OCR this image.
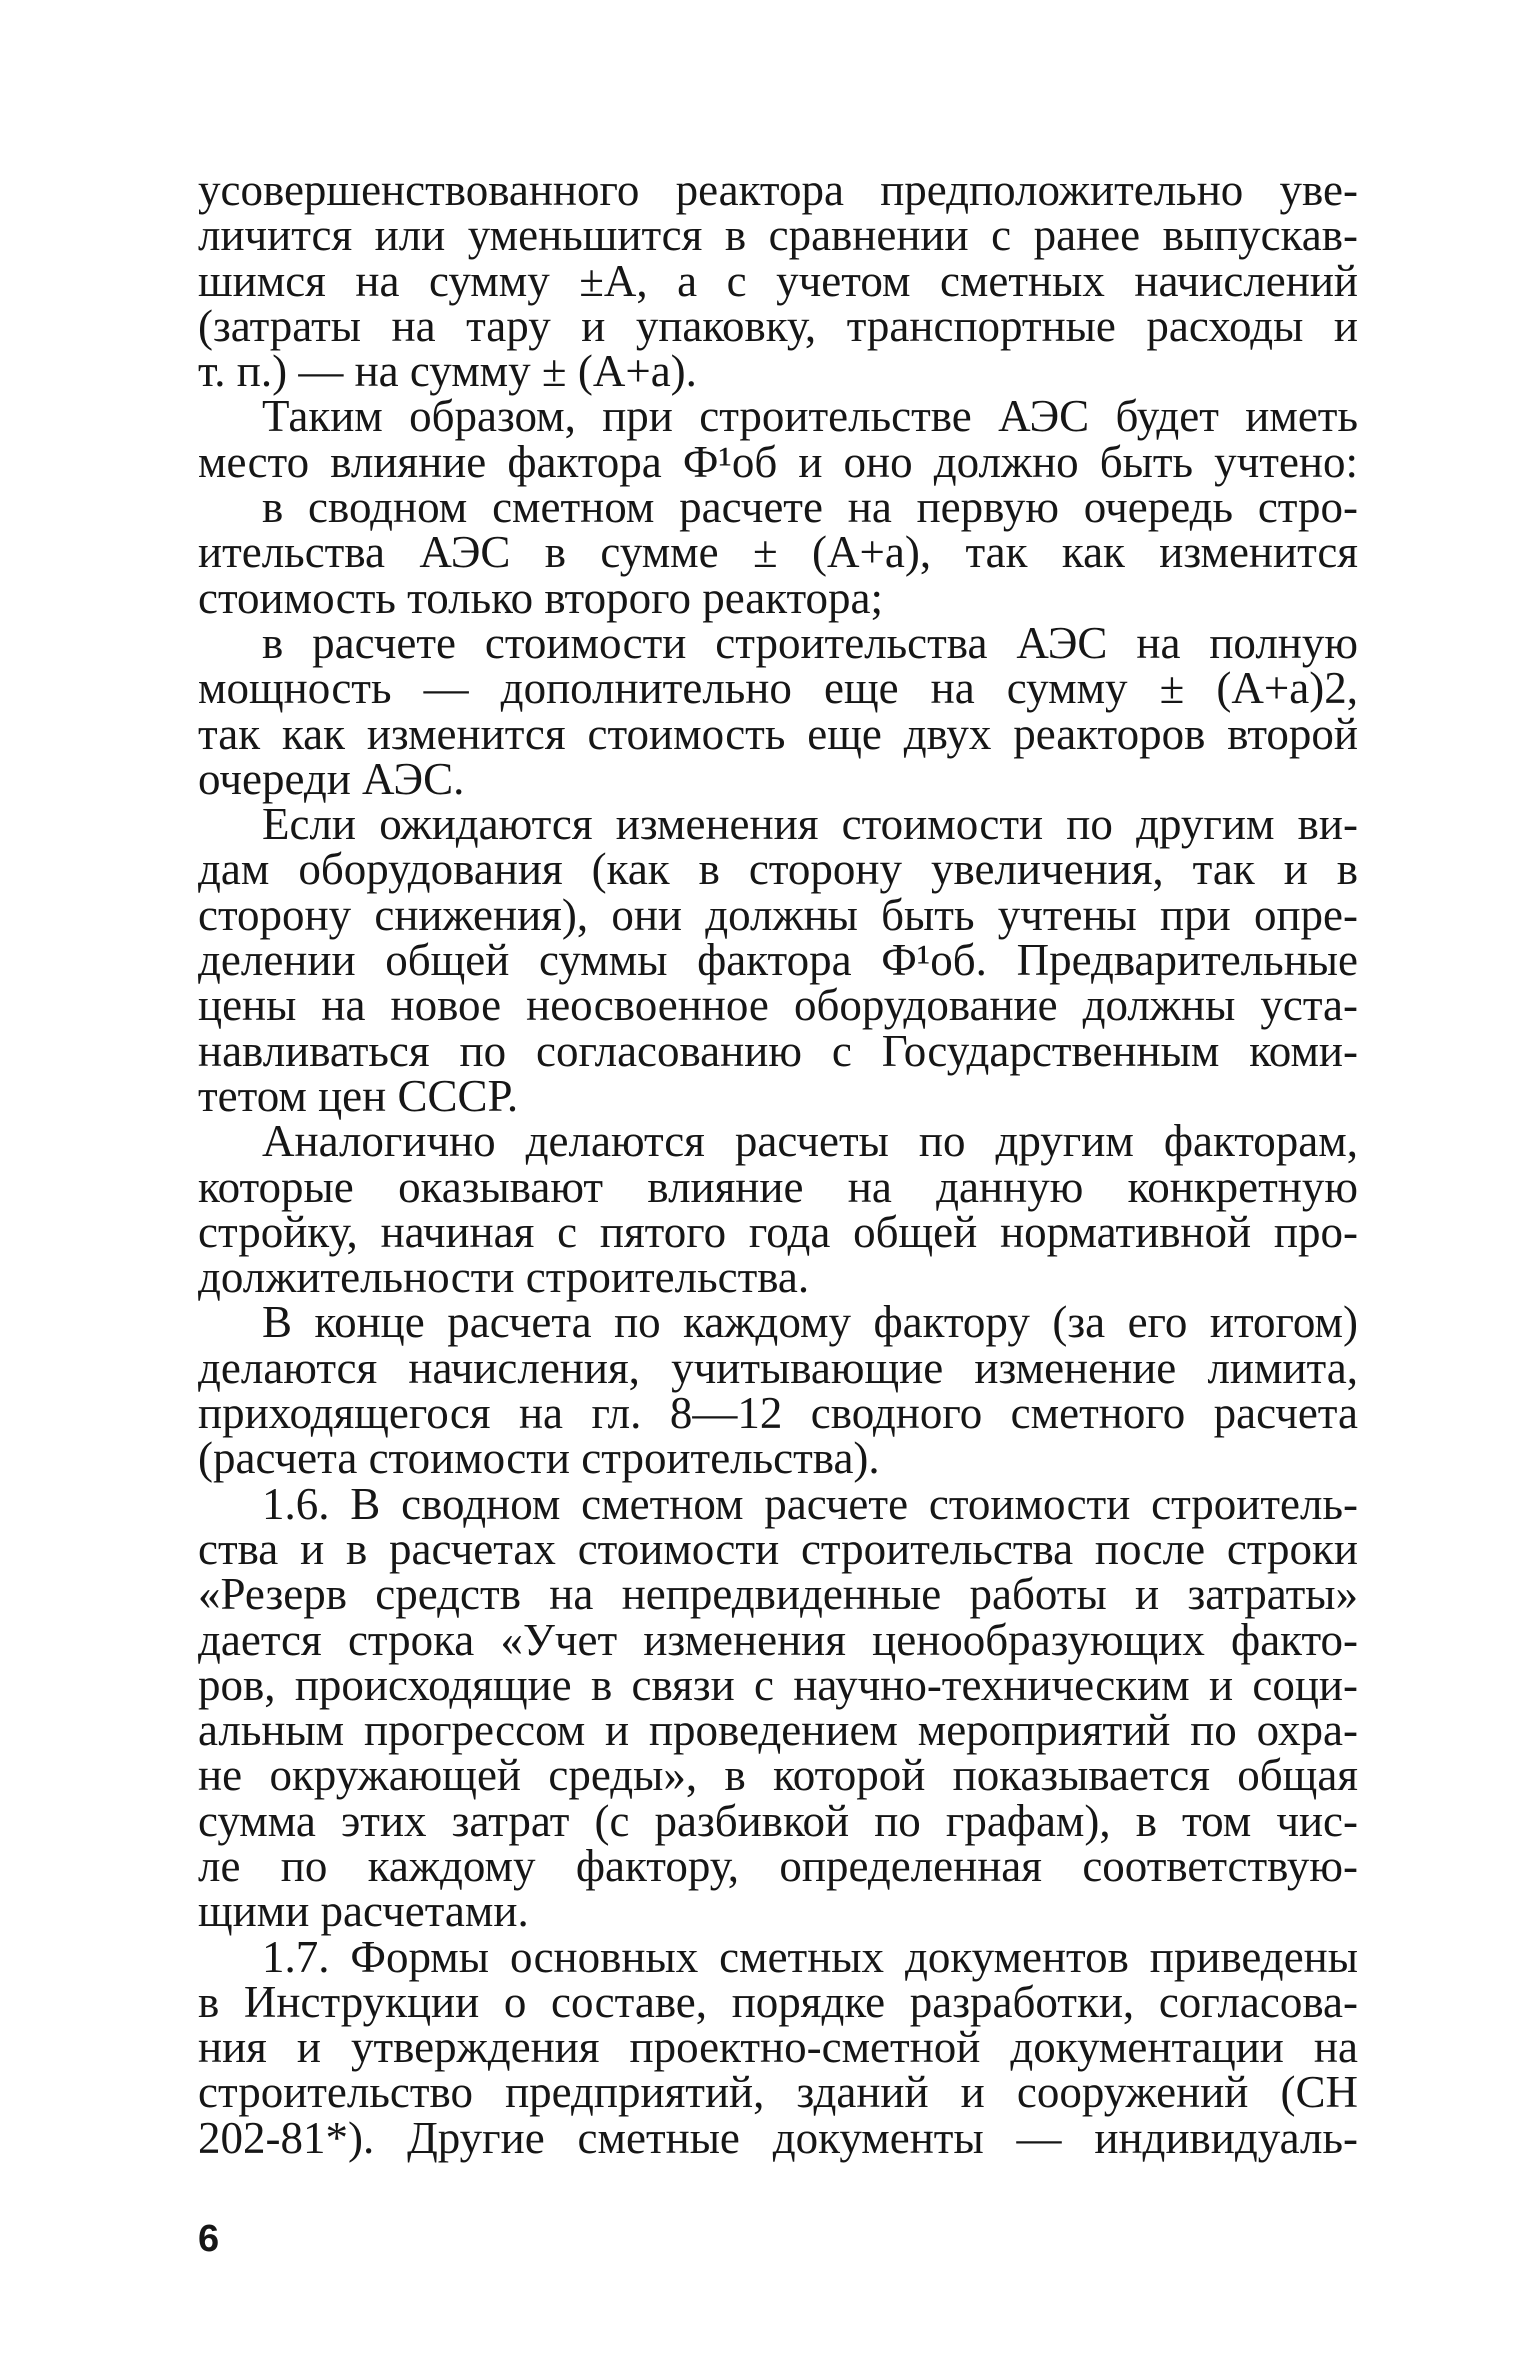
усовершенствованного реактора предположительно уве-
личится или уменьшится в сравнении с ранее выпускав-
шимся на сумму ±А, а с учетом сметных начислений
(затраты на тару и упаковку, транспортные расходы и
т. п.) — на сумму ± (А+а).
Таким образом, при строительстве АЭС будет иметь
место влияние фактора Ф¹об и оно должно быть учтено:
в сводном сметном расчете на первую очередь стро-
ительства АЭС в сумме ± (А+а), так как изменится
стоимость только второго реактора;
в расчете стоимости строительства АЭС на полную
мощность — дополнительно еще на сумму ± (А+а)2,
так как изменится стоимость еще двух реакторов второй
очереди АЭС.
Если ожидаются изменения стоимости по другим ви-
дам оборудования (как в сторону увеличения, так и в
сторону снижения), они должны быть учтены при опре-
делении общей суммы фактора Ф¹об. Предварительные
цены на новое неосвоенное оборудование должны уста-
навливаться по согласованию с Государственным коми-
тетом цен СССР.
Аналогично делаются расчеты по другим факторам,
которые оказывают влияние на данную конкретную
стройку, начиная с пятого года общей нормативной про-
должительности строительства.
В конце расчета по каждому фактору (за его итогом)
делаются начисления, учитывающие изменение лимита,
приходящегося на гл. 8—12 сводного сметного расчета
(расчета стоимости строительства).
1.6. В сводном сметном расчете стоимости строитель-
ства и в расчетах стоимости строительства после строки
«Резерв средств на непредвиденные работы и затраты»
дается строка «Учет изменения ценообразующих факто-
ров, происходящие в связи с научно-техническим и соци-
альным прогрессом и проведением мероприятий по охра-
не окружающей среды», в которой показывается общая
сумма этих затрат (с разбивкой по графам), в том чис-
ле по каждому фактору, определенная соответствую-
щими расчетами.
1.7. Формы основных сметных документов приведены
в Инструкции о составе, порядке разработки, согласова-
ния и утверждения проектно-сметной документации на
строительство предприятий, зданий и сооружений (СН
202-81*). Другие сметные документы — индивидуаль-
6
